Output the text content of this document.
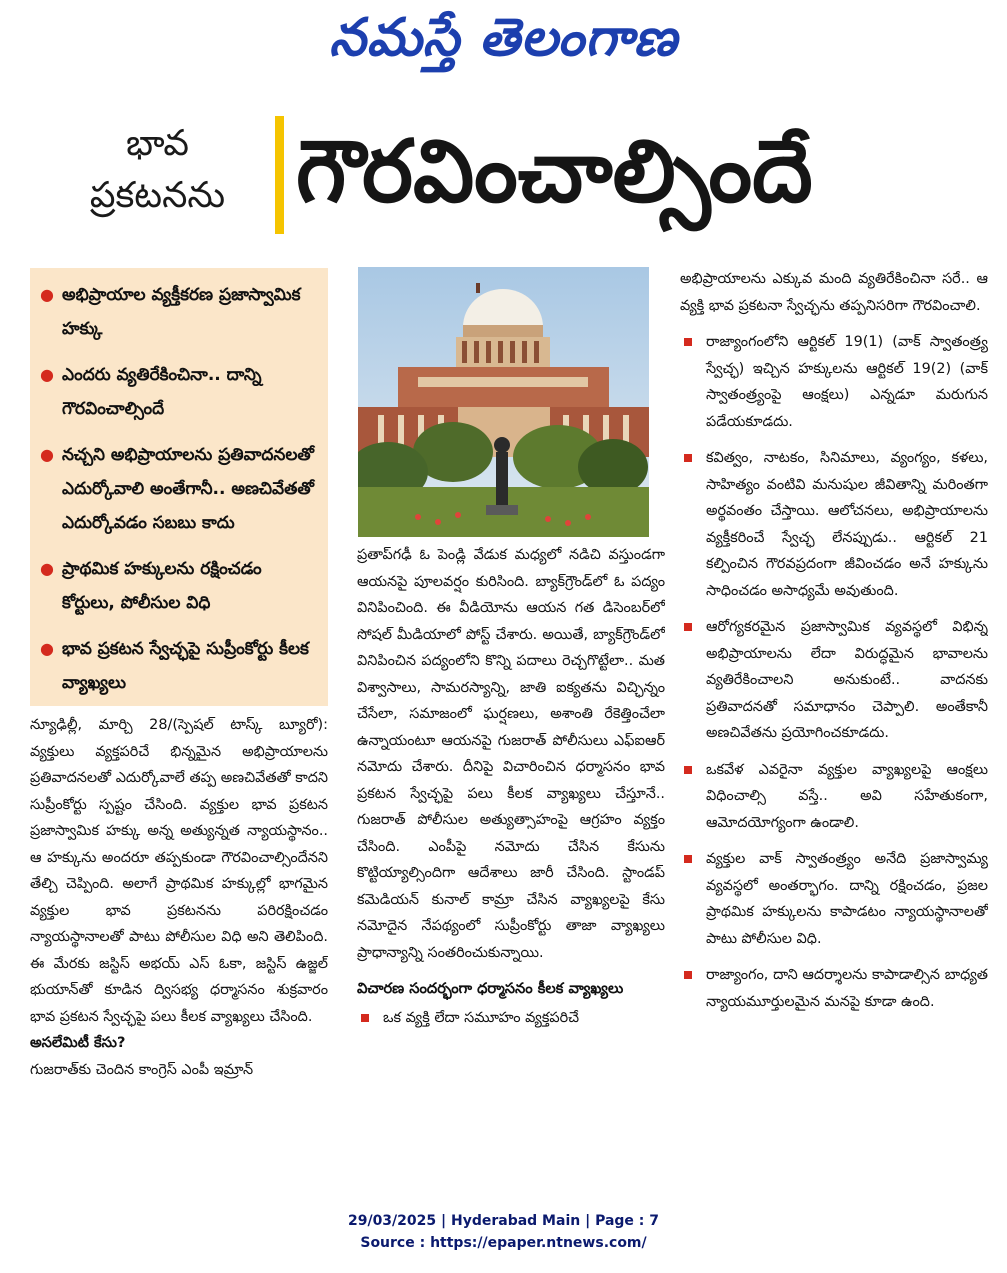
నమస్తే తెలంగాణ
భావ
ప్రకటనను గౌరవించాల్సిందే
● అభిప్రాయాల వ్యక్తీకరణ ప్రజాస్వామిక హక్కు
● ఎందరు వ్యతిరేకించినా.. దాన్ని గౌరవించాల్సిందే
● నచ్చని అభిప్రాయాలను ప్రతివాదనలతో ఎదుర్కోవాలి అంతేగానీ.. అణచివేతతో ఎదుర్కోవడం సబబు కాదు
● ప్రాథమిక హక్కులను రక్షించడం కోర్టులు, పోలీసుల విధి
● భావ ప్రకటన స్వేచ్ఛపై సుప్రీంకోర్టు కీలక వ్యాఖ్యలు

న్యూఢిల్లీ, మార్చి 28/(స్పెషల్ టాస్క్ బ్యూరో): వ్యక్తులు వ్యక్తపరిచే భిన్నమైన అభిప్రాయాలను ప్రతివాదనలతో ఎదుర్కోవాలే తప్ప అణచివేతతో కాదని సుప్రీంకోర్టు స్పష్టం చేసింది. వ్యక్తుల భావ ప్రకటన ప్రజాస్వామిక హక్కు అన్న అత్యున్నత న్యాయస్థానం.. ఆ హక్కును అందరూ తప్పకుండా గౌరవించాల్సిందేనని తేల్చి చెప్పింది. అలాగే ప్రాథమిక హక్కుల్లో భాగమైన వ్యక్తుల భావ ప్రకటనను పరిరక్షించడం న్యాయస్థానాలతో పాటు పోలీసుల విధి అని తెలిపింది. ఈ మేరకు జస్టిస్ అభయ్ ఎస్ ఓకా, జస్టిస్ ఉజ్జల్ భుయాన్‌తో కూడిన ద్విసభ్య ధర్మాసనం శుక్రవారం భావ ప్రకటన స్వేచ్ఛపై పలు కీలక వ్యాఖ్యలు చేసింది.

అసలేమిటీ కేసు?

గుజరాత్‌కు చెందిన కాంగ్రెస్ ఎంపీ ఇమ్రాన్

ప్రతాప్‌గఢీ ఓ పెండ్లి వేడుక మధ్యలో నడిచి వస్తుండగా ఆయనపై పూలవర్షం కురిసింది. బ్యాక్‌గ్రౌండ్‌లో ఓ పద్యం వినిపించింది. ఈ వీడియోను ఆయన గత డిసెంబర్‌లో సోషల్ మీడియాలో పోస్ట్ చేశారు. అయితే, బ్యాక్‌గ్రౌండ్‌లో వినిపించిన పద్యంలోని కొన్ని పదాలు రెచ్చగొట్టేలా.. మత విశ్వాసాలు, సామరస్యాన్ని, జాతి ఐక్యతను విచ్ఛిన్నం చేసేలా, సమాజంలో ఘర్షణలు, అశాంతి రేకెత్తించేలా ఉన్నాయంటూ ఆయనపై గుజరాత్ పోలీసులు ఎఫ్ఐఆర్ నమోదు చేశారు. దీనిపై విచారించిన ధర్మాసనం భావ ప్రకటన స్వేచ్ఛపై పలు కీలక వ్యాఖ్యలు చేస్తూనే.. గుజరాత్ పోలీసుల అత్యుత్సాహంపై ఆగ్రహం వ్యక్తం చేసింది. ఎంపీపై నమోదు చేసిన కేసును కొట్టియ్యాల్సిందిగా ఆదేశాలు జారీ చేసింది. స్టాండప్ కమెడియన్ కునాల్ కామ్రా చేసిన వ్యాఖ్యలపై కేసు నమోదైన నేపథ్యంలో సుప్రీంకోర్టు తాజా వ్యాఖ్యలు ప్రాధాన్యాన్ని సంతరించుకున్నాయి.

విచారణ సందర్భంగా ధర్మాసనం కీలక వ్యాఖ్యలు

ఒక వ్యక్తి లేదా సమూహం వ్యక్తపరిచే

అభిప్రాయాలను ఎక్కువ మంది వ్యతిరేకించినా సరే.. ఆ వ్యక్తి భావ ప్రకటనా స్వేచ్ఛను తప్పనిసరిగా గౌరవించాలి.

రాజ్యాంగంలోని ఆర్టికల్ 19(1) (వాక్ స్వాతంత్ర్య స్వేచ్ఛ) ఇచ్చిన హక్కులను ఆర్టికల్ 19(2) (వాక్ స్వాతంత్ర్యంపై ఆంక్షలు) ఎన్నడూ మరుగున పడేయకూడదు.
కవిత్వం, నాటకం, సినిమాలు, వ్యంగ్యం, కళలు, సాహిత్యం వంటివి మనుషుల జీవితాన్ని మరింతగా అర్థవంతం చేస్తాయి. ఆలోచనలు, అభిప్రాయాలను వ్యక్తీకరించే స్వేచ్ఛ లేనప్పుడు.. ఆర్టికల్ 21 కల్పించిన గౌరవప్రదంగా జీవించడం అనే హక్కును సాధించడం అసాధ్యమే అవుతుంది.
ఆరోగ్యకరమైన ప్రజాస్వామిక వ్యవస్థలో విభిన్న అభిప్రాయాలను లేదా విరుద్ధమైన భావాలను వ్యతిరేకించాలని అనుకుంటే.. వాదనకు ప్రతివాదనతో సమాధానం చెప్పాలి. అంతేకానీ అణచివేతను ప్రయోగించకూడదు.
ఒకవేళ ఎవరైనా వ్యక్తుల వ్యాఖ్యలపై ఆంక్షలు విధించాల్సి వస్తే.. అవి సహేతుకంగా, ఆమోదయోగ్యంగా ఉండాలి.
వ్యక్తుల వాక్ స్వాతంత్ర్యం అనేది ప్రజాస్వామ్య వ్యవస్థలో అంతర్భాగం. దాన్ని రక్షించడం, ప్రజల ప్రాథమిక హక్కులను కాపాడటం న్యాయస్థానాలతో పాటు పోలీసుల విధి.
రాజ్యాంగం, దాని ఆదర్శాలను కాపాడాల్సిన బాధ్యత న్యాయమూర్తులమైన మనపై కూడా ఉంది.
29/03/2025 | Hyderabad Main | Page : 7
Source : https://epaper.ntnews.com/
